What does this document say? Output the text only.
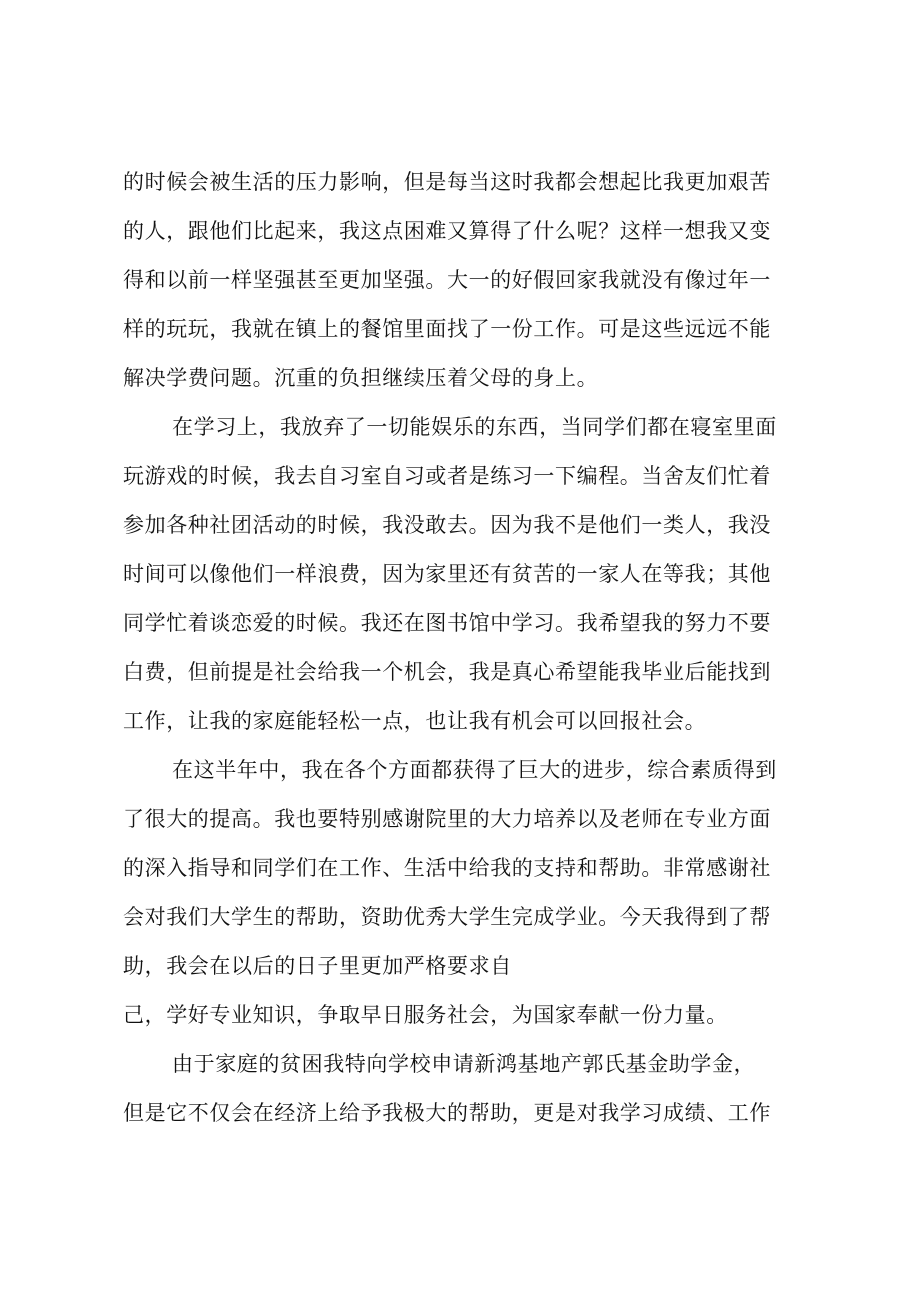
的时候会被生活的压力影响，但是每当这时我都会想起比我更加艰苦
的人，跟他们比起来，我这点困难又算得了什么呢？这样一想我又变
得和以前一样坚强甚至更加坚强。大一的好假回家我就没有像过年一
样的玩玩，我就在镇上的餐馆里面找了一份工作。可是这些远远不能
解决学费问题。沉重的负担继续压着父母的身上。
在学习上，我放弃了一切能娱乐的东西，当同学们都在寝室里面
玩游戏的时候，我去自习室自习或者是练习一下编程。当舍友们忙着
参加各种社团活动的时候，我没敢去。因为我不是他们一类人，我没
时间可以像他们一样浪费，因为家里还有贫苦的一家人在等我；其他
同学忙着谈恋爱的时候。我还在图书馆中学习。我希望我的努力不要
白费，但前提是社会给我一个机会，我是真心希望能我毕业后能找到
工作，让我的家庭能轻松一点，也让我有机会可以回报社会。
在这半年中，我在各个方面都获得了巨大的进步，综合素质得到
了很大的提高。我也要特别感谢院里的大力培养以及老师在专业方面
的深入指导和同学们在工作、生活中给我的支持和帮助。非常感谢社
会对我们大学生的帮助，资助优秀大学生完成学业。今天我得到了帮
助，我会在以后的日子里更加严格要求自
己，学好专业知识，争取早日服务社会，为国家奉献一份力量。
由于家庭的贫困我特向学校申请新鸿基地产郭氏基金助学金，
但是它不仅会在经济上给予我极大的帮助，更是对我学习成绩、工作
